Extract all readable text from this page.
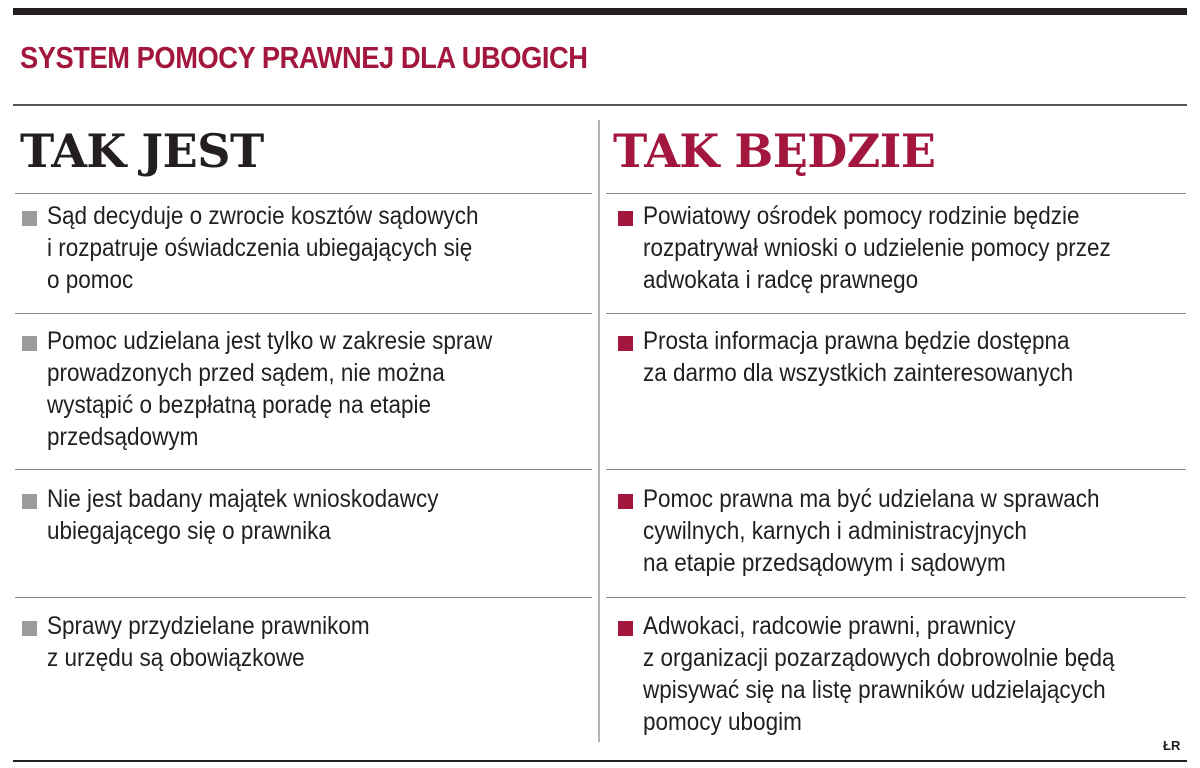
SYSTEM POMOCY PRAWNEJ DLA UBOGICH
TAK JEST	TAK BĘDZIE
Sąd decyduje o zwrocie kosztów sądowych
i rozpatruje oświadczenia ubiegających się
o pomoc
Pomoc udzielana jest tylko w zakresie spraw
prowadzonych przed sądem, nie można
wystąpić o bezpłatną poradę na etapie
przedsądowym
Nie jest badany majątek wnioskodawcy
ubiegającego się o prawnika
Sprawy przydzielane prawnikom
z urzędu są obowiązkowe
Powiatowy ośrodek pomocy rodzinie będzie
rozpatrywał wnioski o udzielenie pomocy przez
adwokata i radcę prawnego
Prosta informacja prawna będzie dostępna
za darmo dla wszystkich zainteresowanych
Pomoc prawna ma być udzielana w sprawach
cywilnych, karnych i administracyjnych
na etapie przedsądowym i sądowym
Adwokaci, radcowie prawni, prawnicy
z organizacji pozarządowych dobrowolnie będą
wpisywać się na listę prawników udzielających
pomocy ubogim
ŁR
